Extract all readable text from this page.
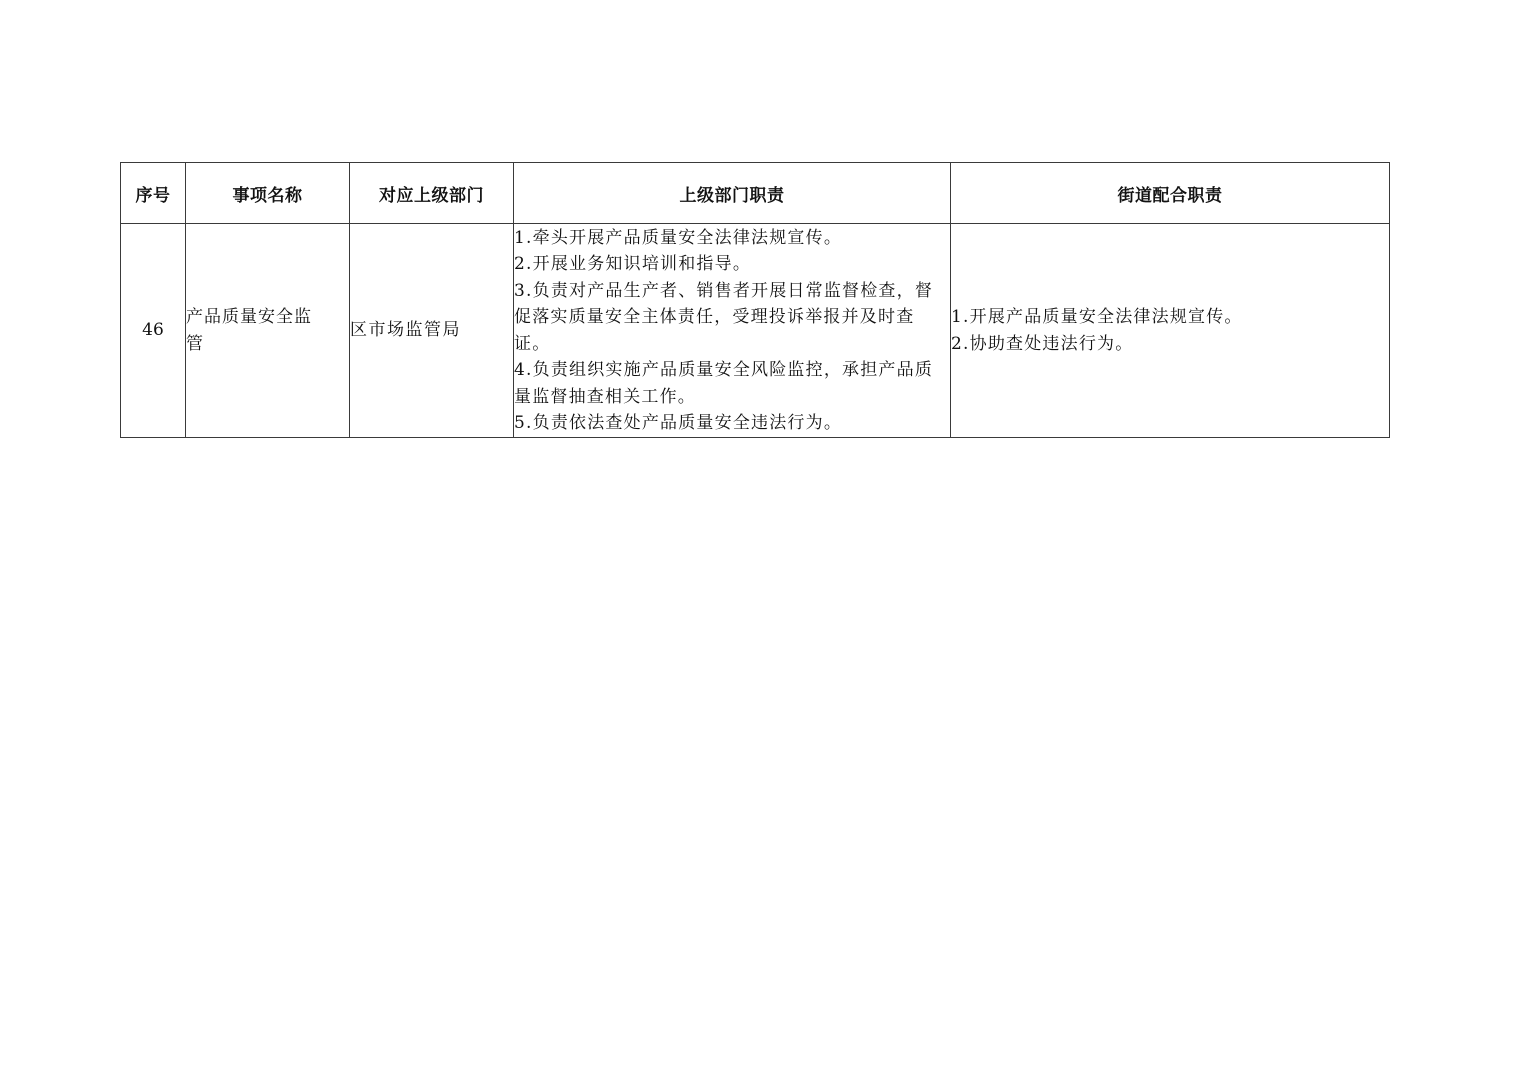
序号	事项名称	对应上级部门	上级部门职责	街道配合职责
46	产品质量安全监管	区市场监管局	1.牵头开展产品质量安全法律法规宣传。
2.开展业务知识培训和指导。
3.负责对产品生产者、销售者开展日常监督检查，督促落实质量安全主体责任，受理投诉举报并及时查证。
4.负责组织实施产品质量安全风险监控，承担产品质量监督抽查相关工作。
5.负责依法查处产品质量安全违法行为。	1.开展产品质量安全法律法规宣传。
2.协助查处违法行为。
